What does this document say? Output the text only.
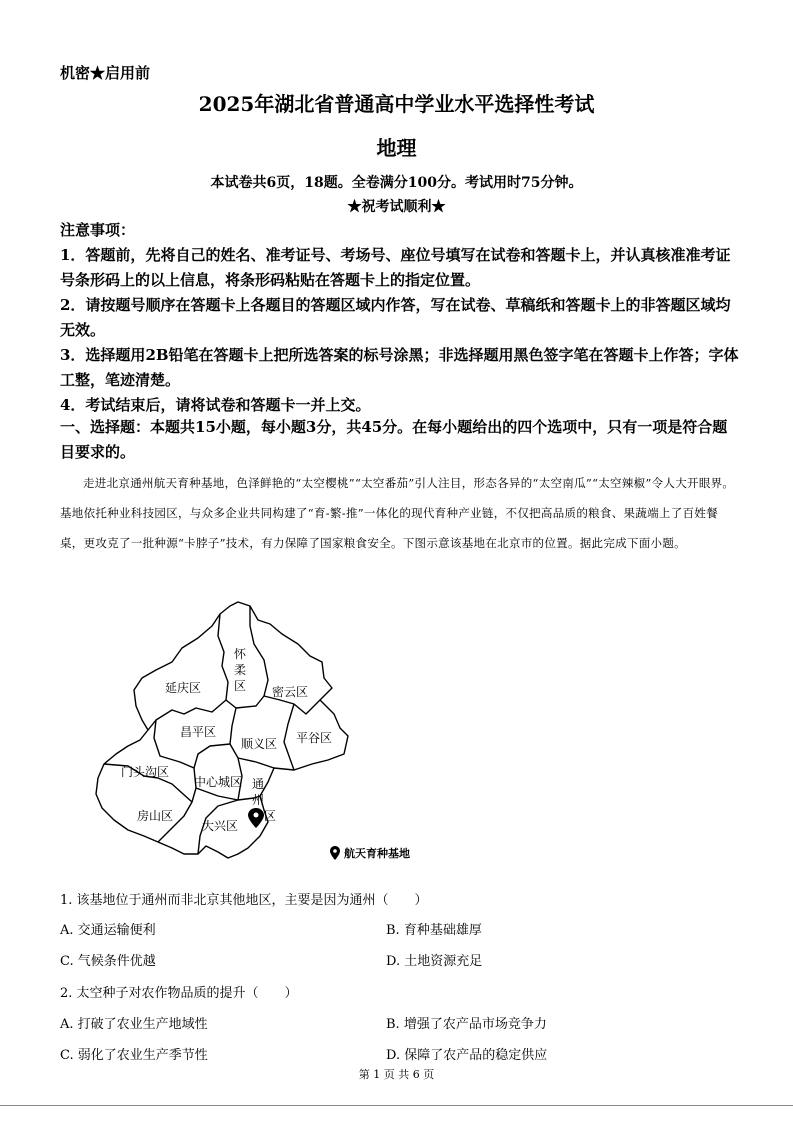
机密★启用前
2025年湖北省普通高中学业水平选择性考试
地理
本试卷共6页，18题。全卷满分100分。考试用时75分钟。
★祝考试顺利★

注意事项：

1．答题前，先将自己的姓名、准考证号、考场号、座位号填写在试卷和答题卡上，并认真核准准考证号条形码上的以上信息，将条形码粘贴在答题卡上的指定位置。

2．请按题号顺序在答题卡上各题目的答题区域内作答，写在试卷、草稿纸和答题卡上的非答题区域均无效。

3．选择题用2B铅笔在答题卡上把所选答案的标号涂黑；非选择题用黑色签字笔在答题卡上作答；字体工整，笔迹清楚。

4．考试结束后，请将试卷和答题卡一并上交。

一、选择题：本题共15小题，每小题3分，共45分。在每小题给出的四个选项中，只有一项是符合题目要求的。
走进北京通州航天育种基地，色泽鲜艳的“太空樱桃”“太空番茄”引人注目，形态各异的“太空南瓜”“太空辣椒”令人大开眼界。基地依托种业科技园区，与众多企业共同构建了“育-繁-推”一体化的现代育种产业链，不仅把高品质的粮食、果蔬端上了百姓餐桌，更攻克了一批种源“卡脖子”技术，有力保障了国家粮食安全。下图示意该基地在北京市的位置。据此完成下面小题。
怀
柔
区
延庆区	密云区
昌平区
顺义区 平谷区
门头沟区
中心城区 通
州
区
房山区
大兴区
航天育种基地
1. 该基地位于通州而非北京其他地区，主要是因为通州（　　）
A. 交通运输便利	B. 育种基础雄厚
C. 气候条件优越	D. 土地资源充足
2. 太空种子对农作物品质的提升（　　）
A. 打破了农业生产地域性	B. 增强了农产品市场竞争力
C. 弱化了农业生产季节性	D. 保障了农产品的稳定供应
第 1 页 共 6 页
